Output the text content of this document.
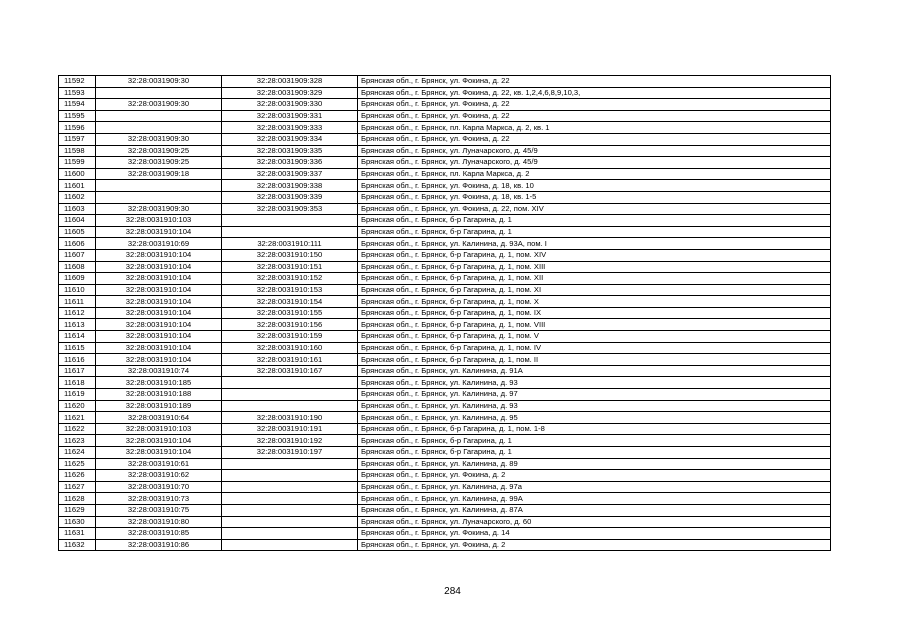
11592	32:28:0031909:30	32:28:0031909:328	Брянская обл., г. Брянск, ул. Фокина, д. 22
11593		32:28:0031909:329	Брянская обл., г. Брянск, ул. Фокина, д. 22, кв. 1,2,4,6,8,9,10,3,
11594	32:28:0031909:30	32:28:0031909:330	Брянская обл., г. Брянск, ул. Фокина, д. 22
11595		32:28:0031909:331	Брянская обл., г. Брянск, ул. Фокина, д. 22
11596		32:28:0031909:333	Брянская обл., г. Брянск, пл. Карла Маркса, д. 2, кв. 1
11597	32:28:0031909:30	32:28:0031909:334	Брянская обл., г. Брянск, ул. Фокина, д. 22
11598	32:28:0031909:25	32:28:0031909:335	Брянская обл., г. Брянск, ул. Луначарского, д. 45/9
11599	32:28:0031909:25	32:28:0031909:336	Брянская обл., г. Брянск, ул. Луначарского, д. 45/9
11600	32:28:0031909:18	32:28:0031909:337	Брянская обл., г. Брянск, пл. Карла Маркса, д. 2
11601		32:28:0031909:338	Брянская обл., г. Брянск, ул. Фокина, д. 18, кв. 10
11602		32:28:0031909:339	Брянская обл., г. Брянск, ул. Фокина, д. 18, кв. 1-5
11603	32:28:0031909:30	32:28:0031909:353	Брянская обл., г. Брянск, ул. Фокина, д. 22, пом. XIV
11604	32:28:0031910:103		Брянская обл., г. Брянск, б-р Гагарина, д. 1
11605	32:28:0031910:104		Брянская обл., г. Брянск, б-р Гагарина, д. 1
11606	32:28:0031910:69	32:28:0031910:111	Брянская обл., г. Брянск, ул. Калинина, д. 93А, пом. I
11607	32:28:0031910:104	32:28:0031910:150	Брянская обл., г. Брянск, б-р Гагарина, д. 1, пом. XIV
11608	32:28:0031910:104	32:28:0031910:151	Брянская обл., г. Брянск, б-р Гагарина, д. 1, пом. XIII
11609	32:28:0031910:104	32:28:0031910:152	Брянская обл., г. Брянск, б-р Гагарина, д. 1, пом. XII
11610	32:28:0031910:104	32:28:0031910:153	Брянская обл., г. Брянск, б-р Гагарина, д. 1, пом. XI
11611	32:28:0031910:104	32:28:0031910:154	Брянская обл., г. Брянск, б-р Гагарина, д. 1, пом. X
11612	32:28:0031910:104	32:28:0031910:155	Брянская обл., г. Брянск, б-р Гагарина, д. 1, пом. IX
11613	32:28:0031910:104	32:28:0031910:156	Брянская обл., г. Брянск, б-р Гагарина, д. 1, пом. VIII
11614	32:28:0031910:104	32:28:0031910:159	Брянская обл., г. Брянск, б-р Гагарина, д. 1, пом. V
11615	32:28:0031910:104	32:28:0031910:160	Брянская обл., г. Брянск, б-р Гагарина, д. 1, пом. IV
11616	32:28:0031910:104	32:28:0031910:161	Брянская обл., г. Брянск, б-р Гагарина, д. 1, пом. II
11617	32:28:0031910:74	32:28:0031910:167	Брянская обл., г. Брянск, ул. Калинина, д. 91А
11618	32:28:0031910:185		Брянская обл., г. Брянск, ул. Калинина, д. 93
11619	32:28:0031910:188		Брянская обл., г. Брянск, ул. Калинина, д. 97
11620	32:28:0031910:189		Брянская обл., г. Брянск, ул. Калинина, д. 93
11621	32:28:0031910:64	32:28:0031910:190	Брянская обл., г. Брянск, ул. Калинина, д. 95
11622	32:28:0031910:103	32:28:0031910:191	Брянская обл., г. Брянск, б-р Гагарина, д. 1, пом. 1-8
11623	32:28:0031910:104	32:28:0031910:192	Брянская обл., г. Брянск, б-р Гагарина, д. 1
11624	32:28:0031910:104	32:28:0031910:197	Брянская обл., г. Брянск, б-р Гагарина, д. 1
11625	32:28:0031910:61		Брянская обл., г. Брянск, ул. Калинина, д. 89
11626	32:28:0031910:62		Брянская обл., г. Брянск, ул. Фокина, д. 2
11627	32:28:0031910:70		Брянская обл., г. Брянск, ул. Калинина, д. 97а
11628	32:28:0031910:73		Брянская обл., г. Брянск, ул. Калинина, д. 99А
11629	32:28:0031910:75		Брянская обл., г. Брянск, ул. Калинина, д. 87А
11630	32:28:0031910:80		Брянская обл., г. Брянск, ул. Луначарского, д. 60
11631	32:28:0031910:85		Брянская обл., г. Брянск, ул. Фокина, д. 14
11632	32:28:0031910:86		Брянская обл., г. Брянск, ул. Фокина, д. 2
284
